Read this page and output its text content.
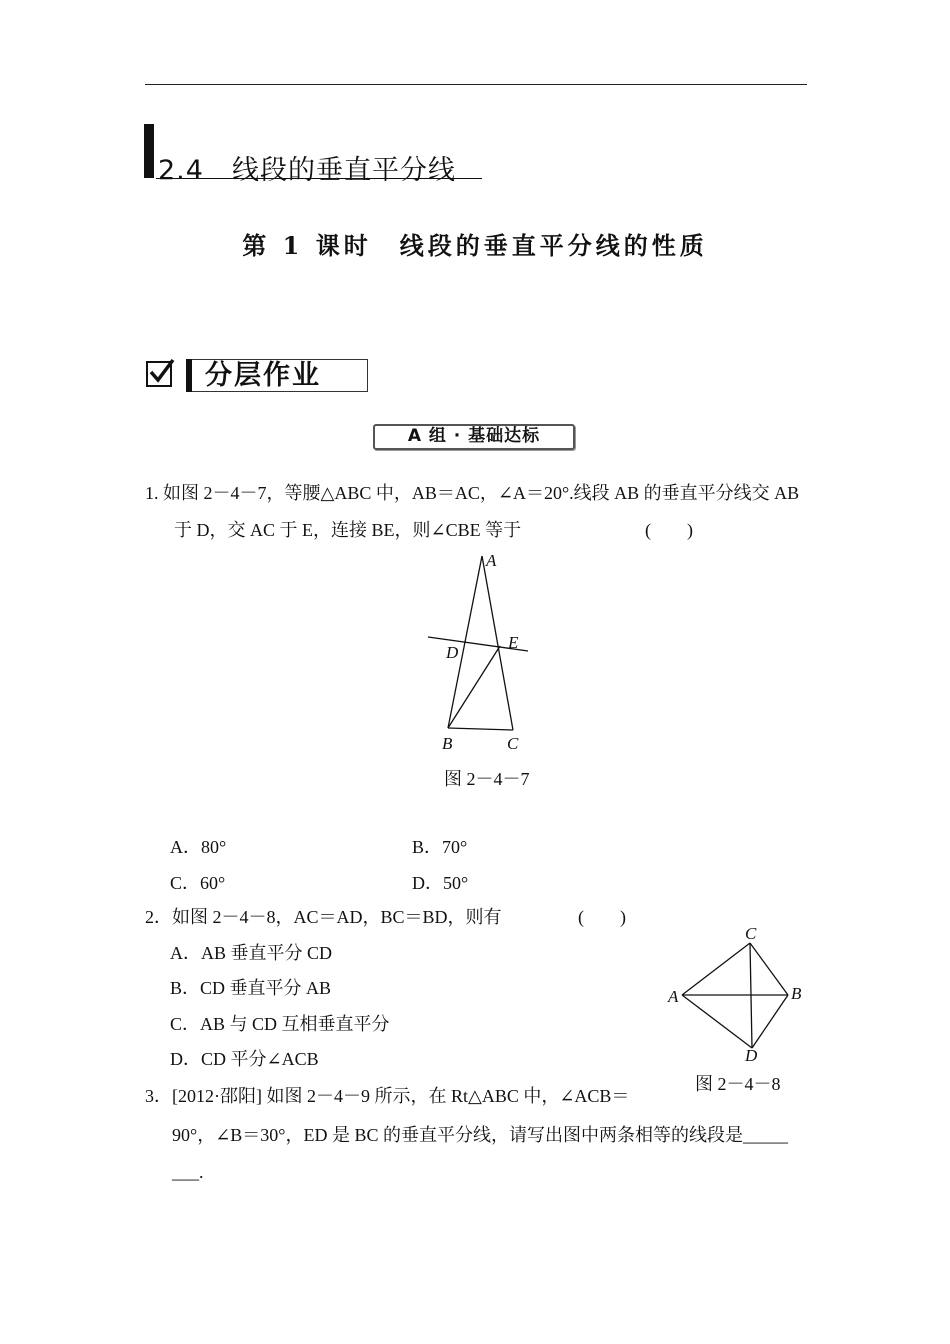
2.4　线段的垂直平分线
第 1 课时　线段的垂直平分线的性质
分层作业
A 组 · 基础达标
1. 如图 2－4－7，等腰△ABC 中，AB＝AC，∠A＝20°.线段 AB 的垂直平分线交 AB
于 D，交 AC 于 E，连接 BE，则∠CBE 等于	(　　)
A
D
E
B	C
图 2－4－7
A．80°	B．70°
C．60°	D．50°
2．如图 2－4－8，AC＝AD，BC＝BD，则有	(　　)
A．AB 垂直平分 CD
B．CD 垂直平分 AB
C．AB 与 CD 互相垂直平分
D．CD 平分∠ACB
C
A	B
D
图 2－4－8
3．[2012·邵阳] 如图 2－4－9 所示，在 Rt△ABC 中，∠ACB＝
90°，∠B＝30°，ED 是 BC 的垂直平分线，请写出图中两条相等的线段是_____
___.
